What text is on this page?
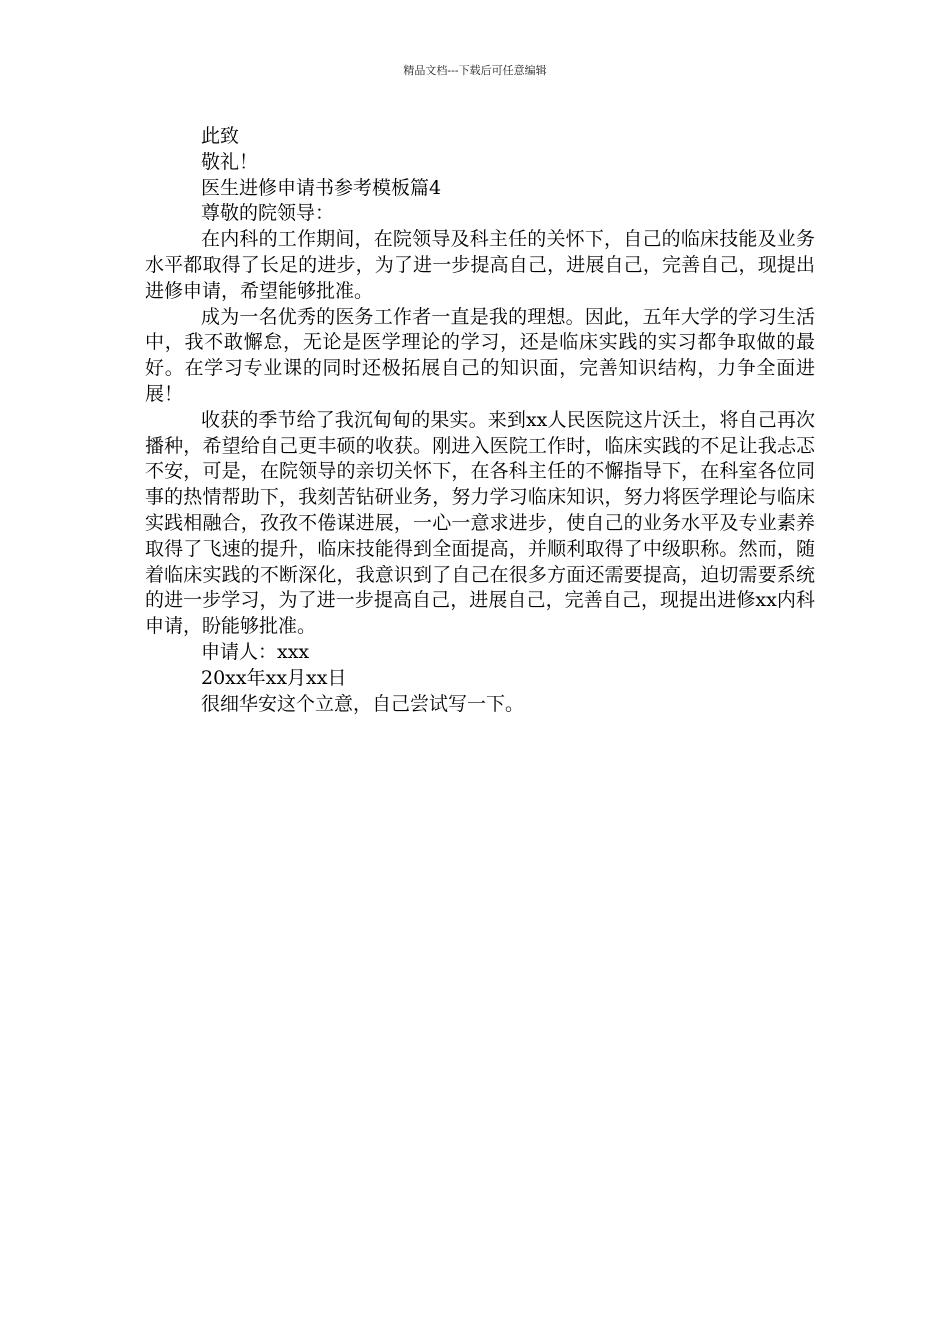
精品文档---下载后可任意编辑

此致

敬礼！

医生进修申请书参考模板篇4

尊敬的院领导：

在内科的工作期间，在院领导及科主任的关怀下，自己的临床技能及业务水平都取得了长足的进步，为了进一步提高自己，进展自己，完善自己，现提出进修申请，希望能够批准。

成为一名优秀的医务工作者一直是我的理想。因此，五年大学的学习生活中，我不敢懈怠，无论是医学理论的学习，还是临床实践的实习都争取做的最好。在学习专业课的同时还极拓展自己的知识面，完善知识结构，力争全面进展！

收获的季节给了我沉甸甸的果实。来到xx人民医院这片沃土，将自己再次播种，希望给自己更丰硕的收获。刚进入医院工作时，临床实践的不足让我忐忑不安，可是，在院领导的亲切关怀下，在各科主任的不懈指导下，在科室各位同事的热情帮助下，我刻苦钻研业务，努力学习临床知识，努力将医学理论与临床实践相融合，孜孜不倦谋进展，一心一意求进步，使自己的业务水平及专业素养取得了飞速的提升，临床技能得到全面提高，并顺利取得了中级职称。然而，随着临床实践的不断深化，我意识到了自己在很多方面还需要提高，迫切需要系统的进一步学习，为了进一步提高自己，进展自己，完善自己，现提出进修xx内科申请，盼能够批准。

申请人：xxx

20xx年xx月xx日

很细华安这个立意，自己尝试写一下。
